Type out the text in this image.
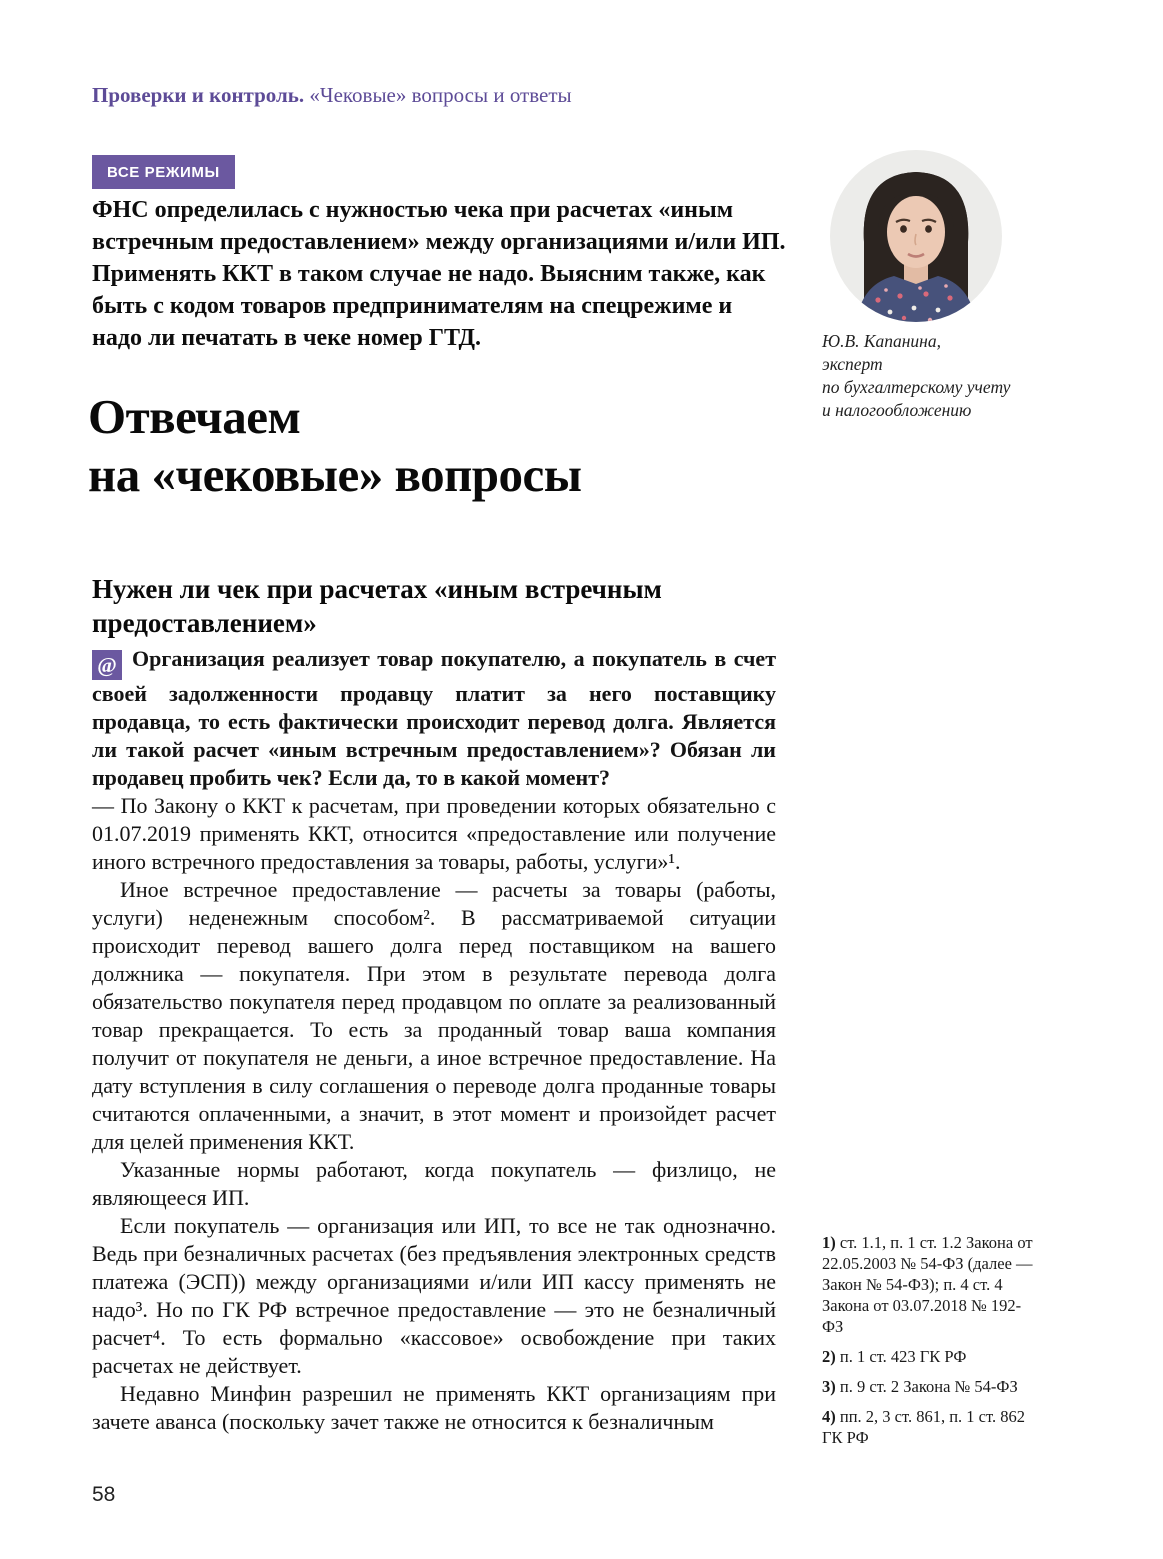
Проверки и контроль. «Чековые» вопросы и ответы
ВСЕ РЕЖИМЫ
ФНС определилась с нужностью чека при расчетах «иным встречным предоставлением» между организациями и/или ИП. Применять ККТ в таком случае не надо. Выясним также, как быть с кодом товаров предпринимателям на спецрежиме и надо ли печатать в чеке номер ГТД.	Ю.В. Капанина,
эксперт
по бухгалтерскому учету
и налогообложению
Отвечаем
на «чековые» вопросы
Нужен ли чек при расчетах «иным встречным предоставлением»

@ Организация реализует товар покупателю, а покупатель в счет своей задолженности продавцу платит за него поставщику продавца, то есть фактически происходит перевод долга. Является ли такой расчет «иным встречным предоставлением»? Обязан ли продавец пробить чек? Если да, то в какой момент?

— По Закону о ККТ к расчетам, при проведении которых обязательно с 01.07.2019 применять ККТ, относится «предоставление или получение иного встречного предоставления за товары, работы, услуги»¹.

Иное встречное предоставление — расчеты за товары (работы, услуги) неденежным способом². В рассматриваемой ситуации происходит перевод вашего долга перед поставщиком на вашего должника — покупателя. При этом в результате перевода долга обязательство покупателя перед продавцом по оплате за реализованный товар прекращается. То есть за проданный товар ваша компания получит от покупателя не деньги, а иное встречное предоставление. На дату вступления в силу соглашения о переводе долга проданные товары считаются оплаченными, а значит, в этот момент и произойдет расчет для целей применения ККТ.

Указанные нормы работают, когда покупатель — физлицо, не являющееся ИП.

Если покупатель — организация или ИП, то все не так однозначно. Ведь при безналичных расчетах (без предъявления электронных средств платежа (ЭСП)) между организациями и/или ИП кассу применять не надо³. Но по ГК РФ встречное предоставление — это не безналичный расчет⁴. То есть формально «кассовое» освобождение при таких расчетах не действует.

Недавно Минфин разрешил не применять ККТ организациям при зачете аванса (поскольку зачет также не относится к безналичным

1) ст. 1.1, п. 1 ст. 1.2 Закона от 22.05.2003 № 54-ФЗ (далее — Закон № 54-ФЗ); п. 4 ст. 4 Закона от 03.07.2018 № 192-ФЗ
2) п. 1 ст. 423 ГК РФ
3) п. 9 ст. 2 Закона № 54-ФЗ
4) пп. 2, 3 ст. 861, п. 1 ст. 862 ГК РФ
58
